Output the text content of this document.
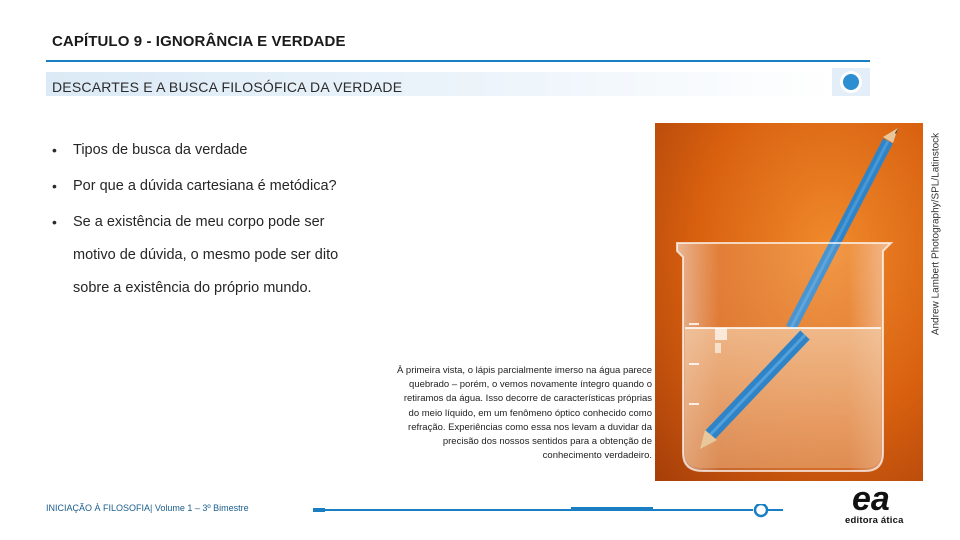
CAPÍTULO 9 - IGNORÂNCIA E VERDADE
DESCARTES E A BUSCA FILOSÓFICA DA VERDADE
• Tipos de busca da verdade
• Por que a dúvida cartesiana é metódica?
• Se a existência de meu corpo pode ser
motivo de dúvida, o mesmo pode ser dito
sobre a existência do próprio mundo.	Andrew Lambert Photography/SPL/Latinstock
À primeira vista, o lápis parcialmente imerso na água parece quebrado – porém, o vemos novamente íntegro quando o retiramos da água. Isso decorre de características próprias do meio líquido, em um fenômeno óptico conhecido como refração. Experiências como essa nos levam a duvidar da precisão dos nossos sentidos para a obtenção de conhecimento verdadeiro.
INICIAÇÃO À FILOSOFIA| Volume 1 – 3º Bimestre	ea
editora ática
